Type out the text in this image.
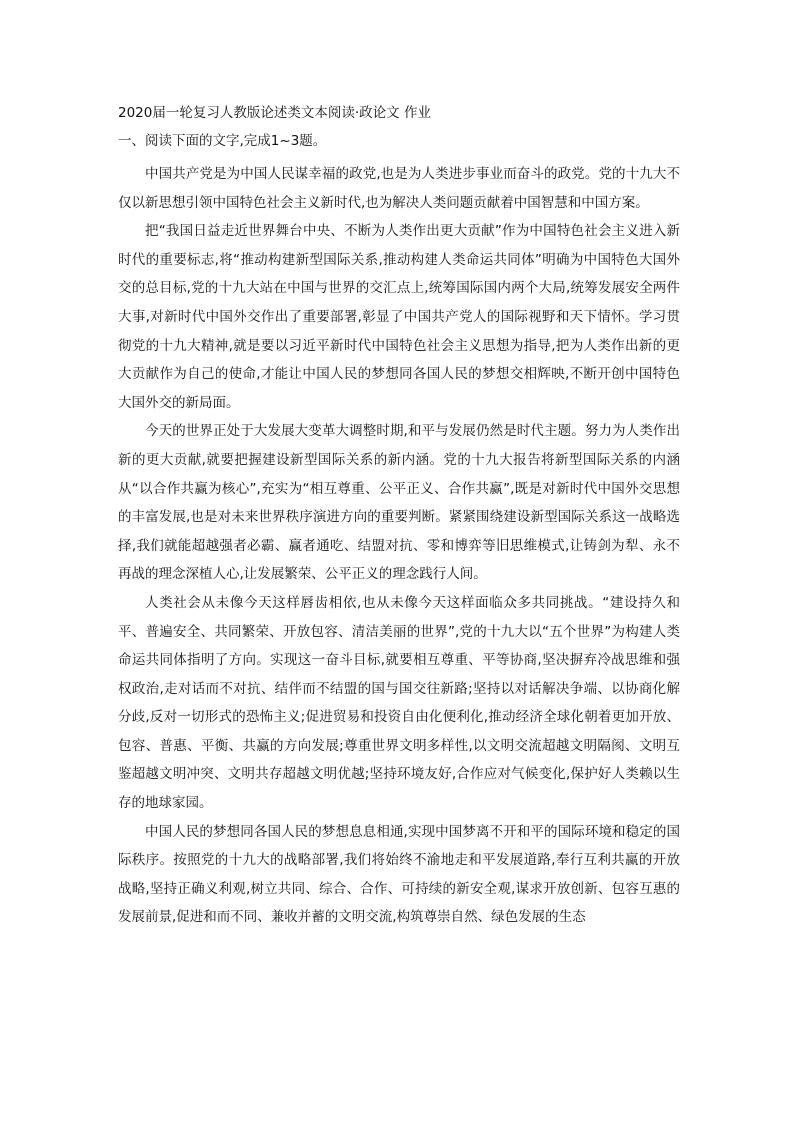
2020届一轮复习人教版论述类文本阅读·政论文 作业

一、阅读下面的文字,完成1~3题。

中国共产党是为中国人民谋幸福的政党,也是为人类进步事业而奋斗的政党。党的十九大不仅以新思想引领中国特色社会主义新时代,也为解决人类问题贡献着中国智慧和中国方案。

把“我国日益走近世界舞台中央、不断为人类作出更大贡献”作为中国特色社会主义进入新时代的重要标志,将“推动构建新型国际关系,推动构建人类命运共同体”明确为中国特色大国外交的总目标,党的十九大站在中国与世界的交汇点上,统筹国际国内两个大局,统筹发展安全两件大事,对新时代中国外交作出了重要部署,彰显了中国共产党人的国际视野和天下情怀。学习贯彻党的十九大精神,就是要以习近平新时代中国特色社会主义思想为指导,把为人类作出新的更大贡献作为自己的使命,才能让中国人民的梦想同各国人民的梦想交相辉映,不断开创中国特色大国外交的新局面。

今天的世界正处于大发展大变革大调整时期,和平与发展仍然是时代主题。努力为人类作出新的更大贡献,就要把握建设新型国际关系的新内涵。党的十九大报告将新型国际关系的内涵从“以合作共赢为核心”,充实为“相互尊重、公平正义、合作共赢”,既是对新时代中国外交思想的丰富发展,也是对未来世界秩序演进方向的重要判断。紧紧围绕建设新型国际关系这一战略选择,我们就能超越强者必霸、赢者通吃、结盟对抗、零和博弈等旧思维模式,让铸剑为犁、永不再战的理念深植人心,让发展繁荣、公平正义的理念践行人间。

人类社会从未像今天这样唇齿相依,也从未像今天这样面临众多共同挑战。“建设持久和平、普遍安全、共同繁荣、开放包容、清洁美丽的世界”,党的十九大以“五个世界”为构建人类命运共同体指明了方向。实现这一奋斗目标,就要相互尊重、平等协商,坚决摒弃冷战思维和强权政治,走对话而不对抗、结伴而不结盟的国与国交往新路;坚持以对话解决争端、以协商化解分歧,反对一切形式的恐怖主义;促进贸易和投资自由化便利化,推动经济全球化朝着更加开放、包容、普惠、平衡、共赢的方向发展;尊重世界文明多样性,以文明交流超越文明隔阂、文明互鉴超越文明冲突、文明共存超越文明优越;坚持环境友好,合作应对气候变化,保护好人类赖以生存的地球家园。

中国人民的梦想同各国人民的梦想息息相通,实现中国梦离不开和平的国际环境和稳定的国际秩序。按照党的十九大的战略部署,我们将始终不渝地走和平发展道路,奉行互利共赢的开放战略,坚持正确义利观,树立共同、综合、合作、可持续的新安全观,谋求开放创新、包容互惠的发展前景,促进和而不同、兼收并蓄的文明交流,构筑尊崇自然、绿色发展的生态
